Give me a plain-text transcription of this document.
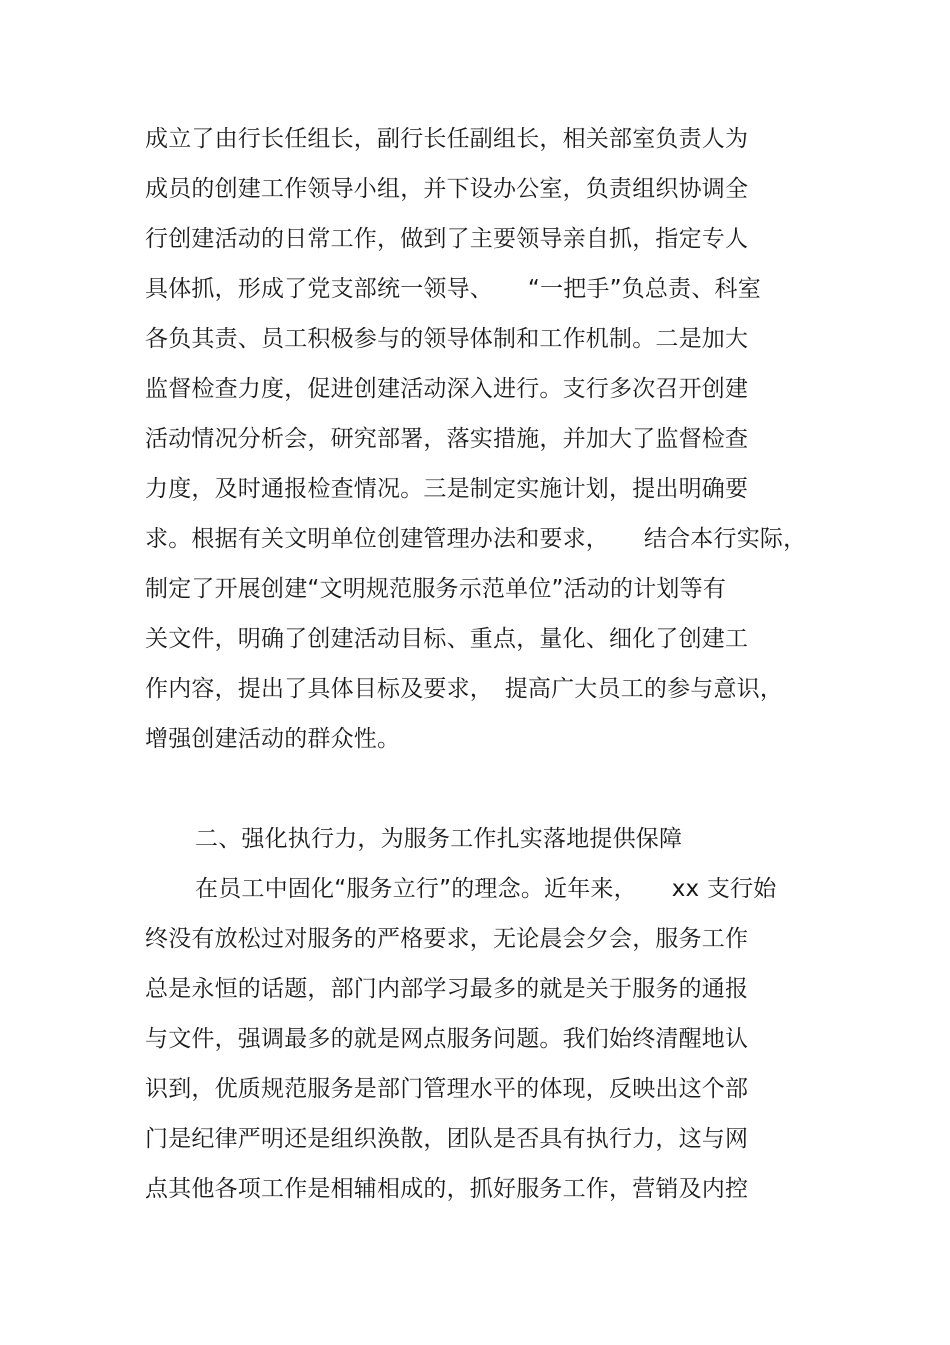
成立了由行长任组长，副行长任副组长，相关部室负责人为
成员的创建工作领导小组，并下设办公室，负责组织协调全
行创建活动的日常工作，做到了主要领导亲自抓，指定专人
具体抓，形成了党支部统一领导、　　“一把手”负总责、科室
各负其责、员工积极参与的领导体制和工作机制。二是加大
监督检查力度，促进创建活动深入进行。支行多次召开创建
活动情况分析会，研究部署，落实措施，并加大了监督检查
力度，及时通报检查情况。三是制定实施计划，提出明确要
求。根据有关文明单位创建管理办法和要求，　　结合本行实际，
制定了开展创建“文明规范服务示范单位”活动的计划等有
关文件，明确了创建活动目标、重点，量化、细化了创建工
作内容，提出了具体目标及要求，　提高广大员工的参与意识，
增强创建活动的群众性。
二、强化执行力，为服务工作扎实落地提供保障
在员工中固化“服务立行”的理念。近年来，　　xx 支行始
终没有放松过对服务的严格要求，无论晨会夕会，服务工作
总是永恒的话题，部门内部学习最多的就是关于服务的通报
与文件，强调最多的就是网点服务问题。我们始终清醒地认
识到，优质规范服务是部门管理水平的体现，反映出这个部
门是纪律严明还是组织涣散，团队是否具有执行力，这与网
点其他各项工作是相辅相成的，抓好服务工作，营销及内控
